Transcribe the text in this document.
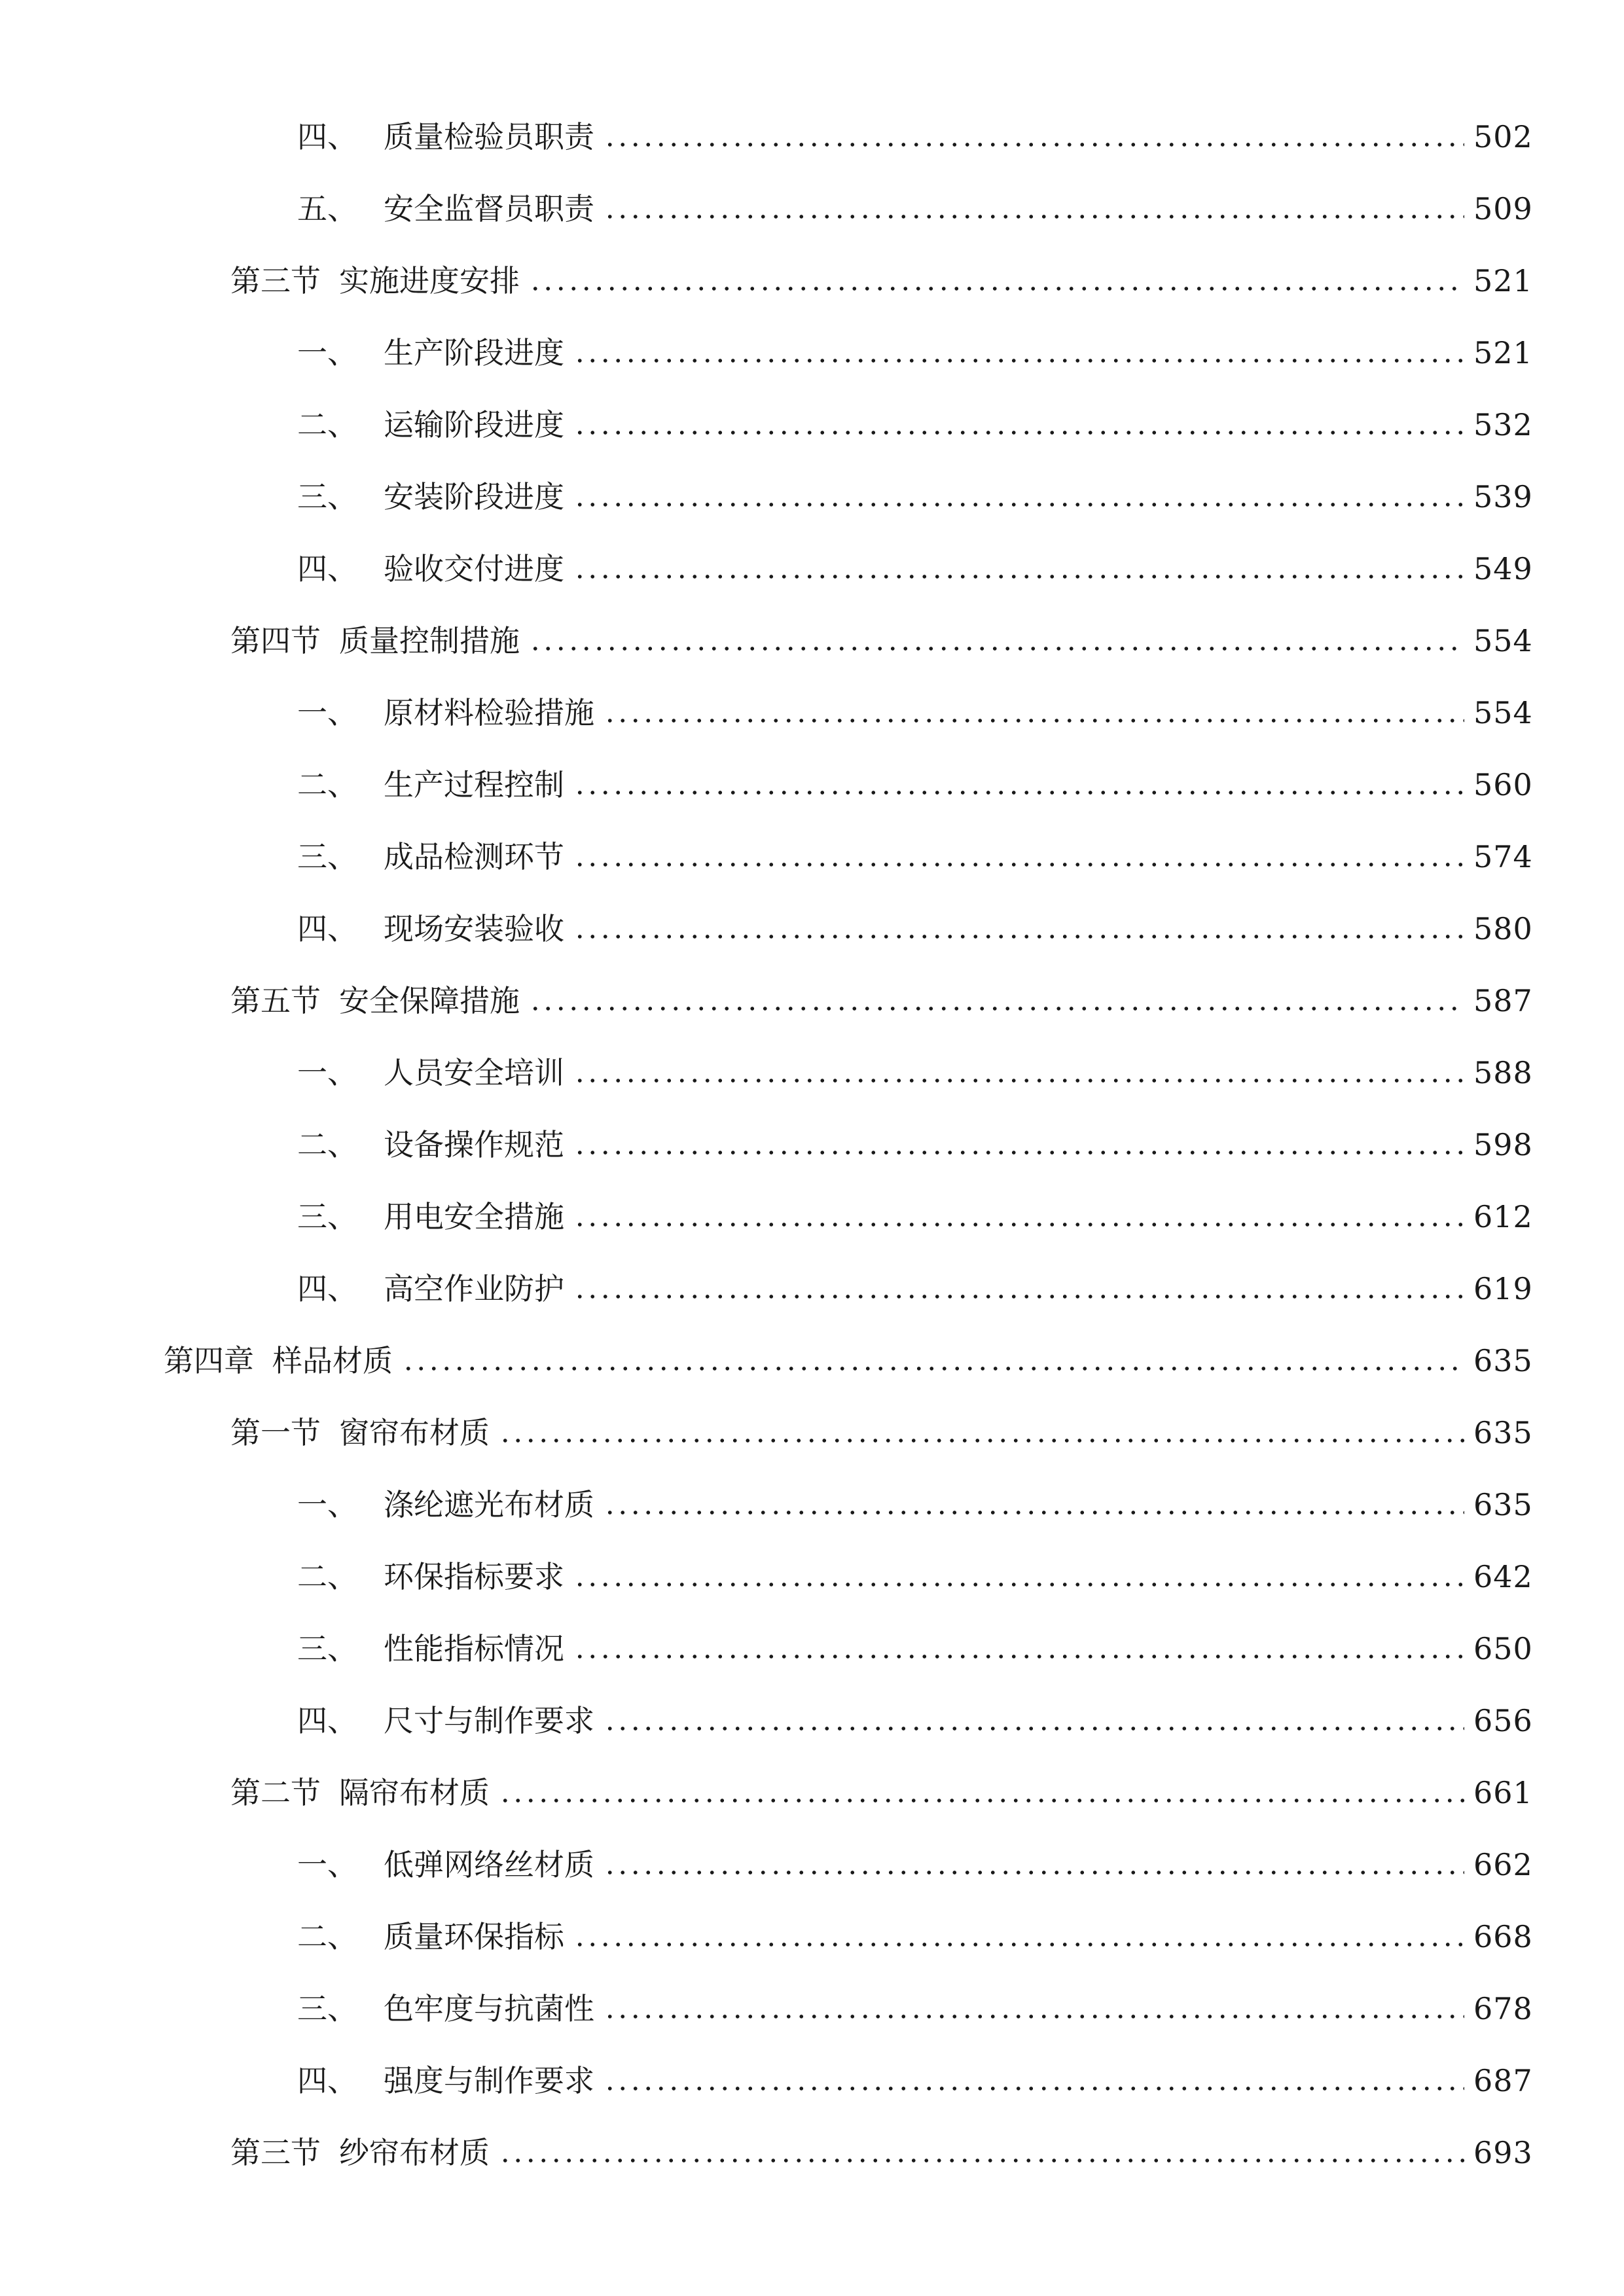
四、 质量检验员职责	502
五、 安全监督员职责	509
第三节 实施进度安排	521
一、 生产阶段进度	521
二、 运输阶段进度	532
三、 安装阶段进度	539
四、 验收交付进度	549
第四节 质量控制措施	554
一、 原材料检验措施	554
二、 生产过程控制	560
三、 成品检测环节	574
四、 现场安装验收	580
第五节 安全保障措施	587
一、 人员安全培训	588
二、 设备操作规范	598
三、 用电安全措施	612
四、 高空作业防护	619
第四章 样品材质	635
第一节 窗帘布材质	635
一、 涤纶遮光布材质	635
二、 环保指标要求	642
三、 性能指标情况	650
四、 尺寸与制作要求	656
第二节 隔帘布材质	661
一、 低弹网络丝材质	662
二、 质量环保指标	668
三、 色牢度与抗菌性	678
四、 强度与制作要求	687
第三节 纱帘布材质	693
